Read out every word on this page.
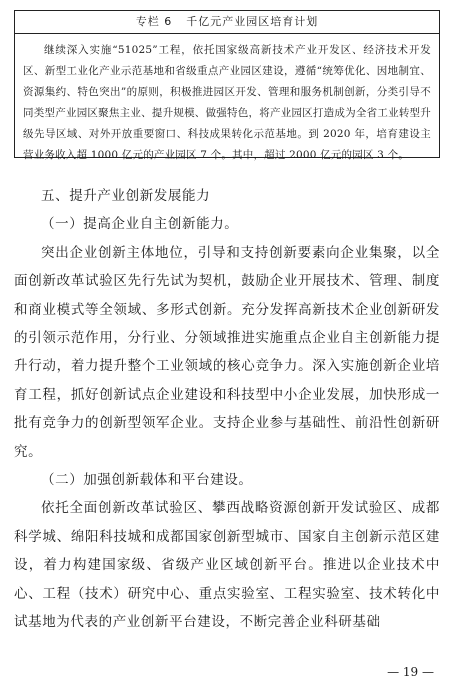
专栏 6 千亿元产业园区培育计划

继续深入实施“51025”工程，依托国家级高新技术产业开发区、经济技术开发区、新型工业化产业示范基地和省级重点产业园区建设，遵循“统筹优化、因地制宜、资源集约、特色突出”的原则，积极推进园区开发、管理和服务机制创新，分类引导不同类型产业园区聚焦主业、提升规模、做强特色，将产业园区打造成为全省工业转型升级先导区域、对外开放重要窗口、科技成果转化示范基地。到 2020 年，培育建设主营业务收入超 1000 亿元的产业园区 7 个。其中，超过 2000 亿元的园区 3 个。

五、提升产业创新发展能力

（一）提高企业自主创新能力。

突出企业创新主体地位，引导和支持创新要素向企业集聚，以全面创新改革试验区先行先试为契机，鼓励企业开展技术、管理、制度和商业模式等全领域、多形式创新。充分发挥高新技术企业创新研发的引领示范作用，分行业、分领域推进实施重点企业自主创新能力提升行动，着力提升整个工业领域的核心竞争力。深入实施创新企业培育工程，抓好创新试点企业建设和科技型中小企业发展，加快形成一批有竞争力的创新型领军企业。支持企业参与基础性、前沿性创新研究。

（二）加强创新载体和平台建设。

依托全面创新改革试验区、攀西战略资源创新开发试验区、成都科学城、绵阳科技城和成都国家创新型城市、国家自主创新示范区建设，着力构建国家级、省级产业区域创新平台。推进以企业技术中心、工程（技术）研究中心、重点实验室、工程实验室、技术转化中试基地为代表的产业创新平台建设，不断完善企业科研基础

— 19 —
